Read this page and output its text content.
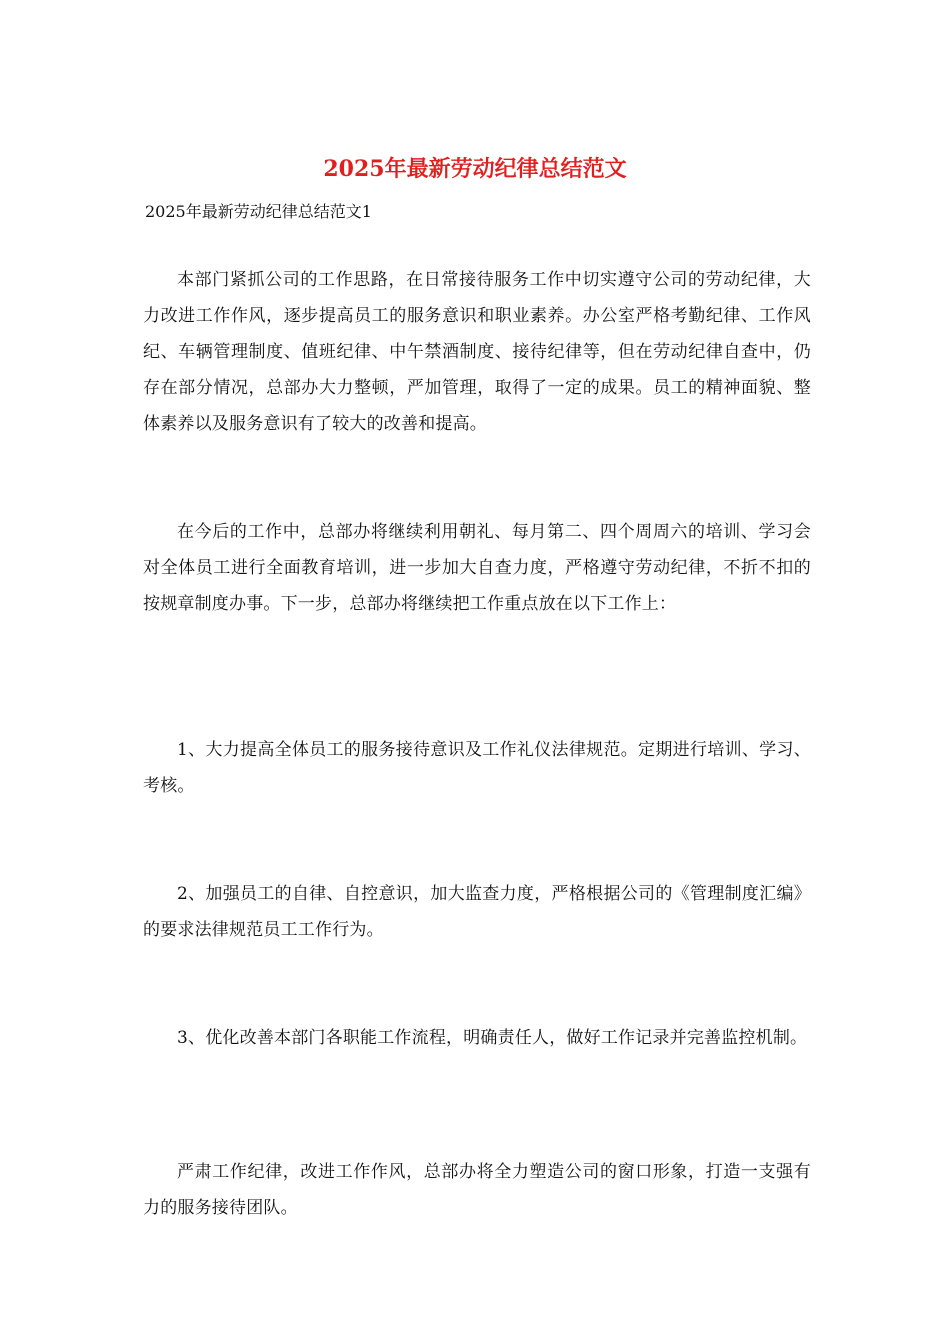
2025年最新劳动纪律总结范文

2025年最新劳动纪律总结范文1

本部门紧抓公司的工作思路，在日常接待服务工作中切实遵守公司的劳动纪律，大力改进工作作风，逐步提高员工的服务意识和职业素养。办公室严格考勤纪律、工作风纪、车辆管理制度、值班纪律、中午禁酒制度、接待纪律等，但在劳动纪律自查中，仍存在部分情况，总部办大力整顿，严加管理，取得了一定的成果。员工的精神面貌、整体素养以及服务意识有了较大的改善和提高。

在今后的工作中，总部办将继续利用朝礼、每月第二、四个周周六的培训、学习会对全体员工进行全面教育培训，进一步加大自查力度，严格遵守劳动纪律，不折不扣的按规章制度办事。下一步，总部办将继续把工作重点放在以下工作上：

1、大力提高全体员工的服务接待意识及工作礼仪法律规范。定期进行培训、学习、考核。

2、加强员工的自律、自控意识，加大监查力度，严格根据公司的《管理制度汇编》的要求法律规范员工工作行为。

3、优化改善本部门各职能工作流程，明确责任人，做好工作记录并完善监控机制。

严肃工作纪律，改进工作作风，总部办将全力塑造公司的窗口形象，打造一支强有力的服务接待团队。
